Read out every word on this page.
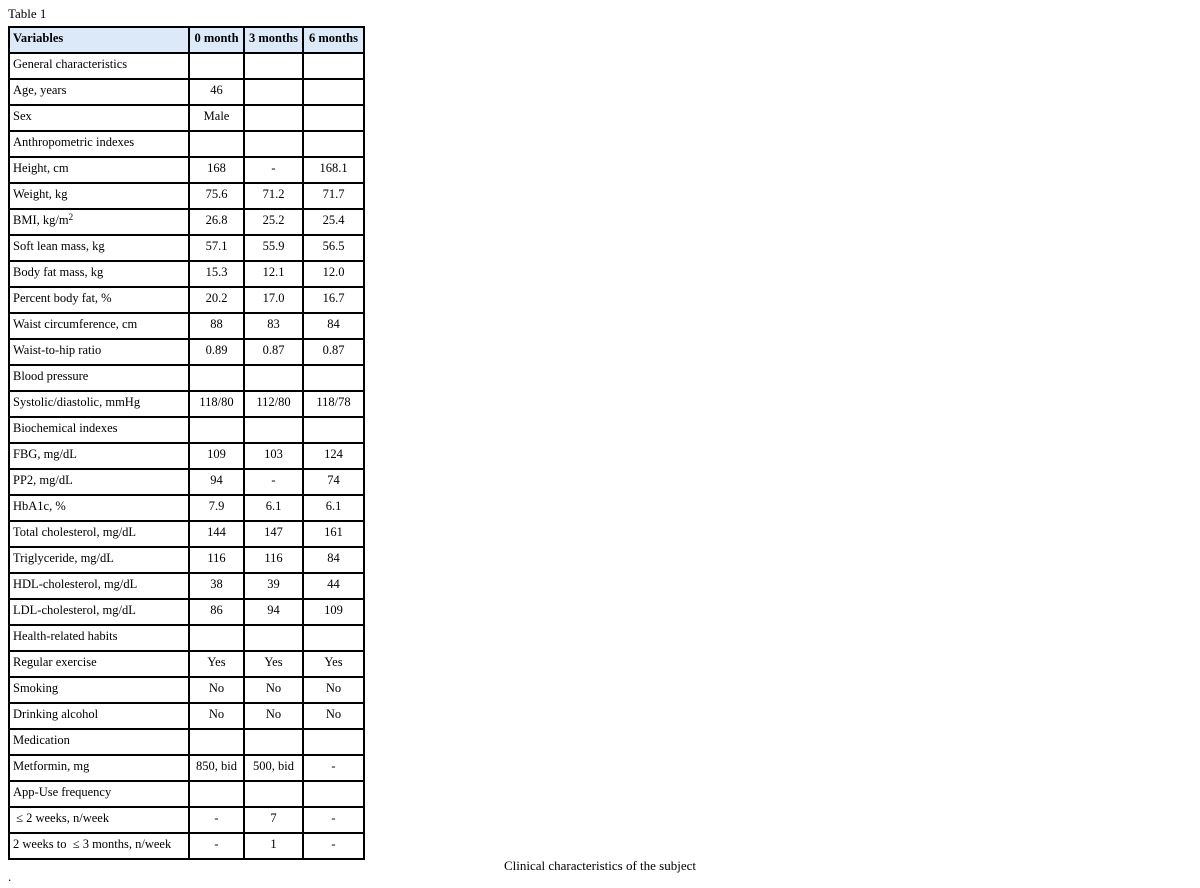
Table 1
Variables	0 month	3 months	6 months
General characteristics			
Age, years	46		
Sex	Male		
Anthropometric indexes			
Height, cm	168	-	168.1
Weight, kg	75.6	71.2	71.7
BMI, $kg/m^2$	26.8	25.2	25.4
Soft lean mass, kg	57.1	55.9	56.5
Body fat mass, kg	15.3	12.1	12.0
Percent body fat, %	20.2	17.0	16.7
Waist circumference, cm	88	83	84
Waist-to-hip ratio	0.89	0.87	0.87
Blood pressure			
Systolic/diastolic, mmHg	118/80	112/80	118/78
Biochemical indexes			
FBG, mg/dL	109	103	124
PP2, mg/dL	94	-	74
HbA1c, %	7.9	6.1	6.1
Total cholesterol, mg/dL	144	147	161
Triglyceride, mg/dL	116	116	84
HDL-cholesterol, mg/dL	38	39	44
LDL-cholesterol, mg/dL	86	94	109
Health-related habits			
Regular exercise	Yes	Yes	Yes
Smoking	No	No	No
Drinking alcohol	No	No	No
Medication			
Metformin, mg	850, bid	500, bid	-
App-Use frequency			
≤ 2 weeks, n/week	-	7	-
2 weeks to  ≤ 3 months, n/week	-	1	-
Clinical characteristics of the subject
.
